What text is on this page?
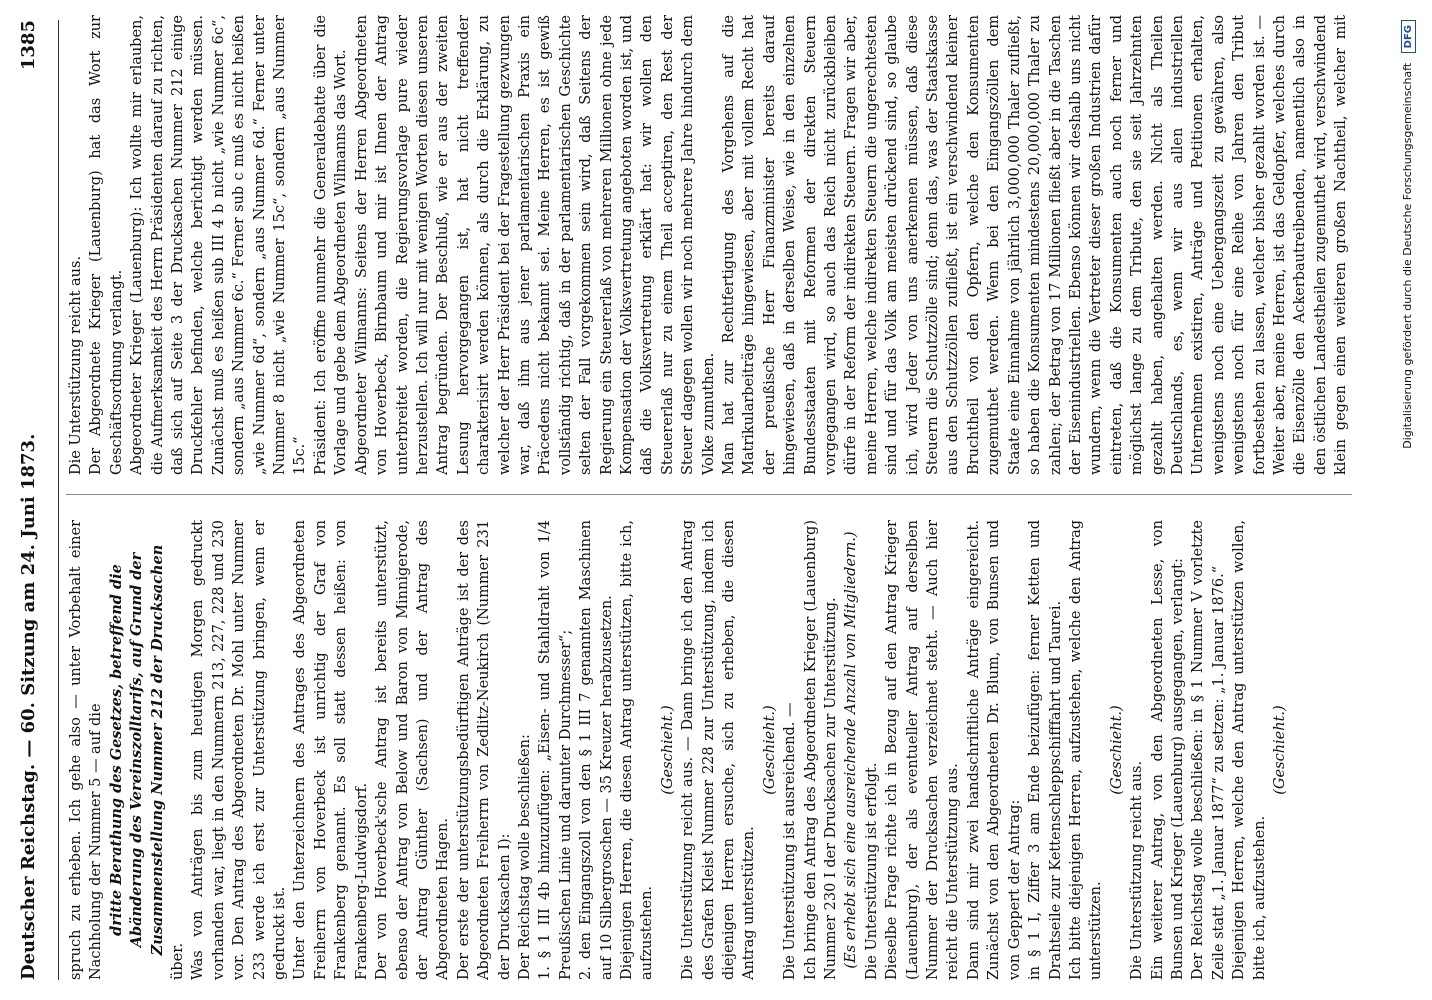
Deutscher Reichstag. — 60. Sitzung am 24. Juni 1873.
1385

spruch zu erheben. Ich gehe also — unter Vorbehalt einer Nachholung der Nummer 5 — auf die dritte Berathung des Gesetzes, betreffend die Abänderung des Vereinszolltarifs, auf Grund der Zusammenstellung Nummer 212 der Drucksachen

über. Was von Anträgen bis zum heutigen Morgen gedruckt vorhanden war, liegt in den Nummern 213, 227, 228 und 230 vor. Den Antrag des Abgeordneten Dr. Mohl unter Nummer 233 werde ich erst zur Unterstützung bringen, wenn er gedruckt ist. Unter den Unterzeichnern des Antrages des Abgeordneten Freiherrn von Hoverbeck ist unrichtig der Graf von Frankenberg genannt. Es soll statt dessen heißen: von Frankenberg-Ludwigsdorf. Der von Hoverbeck'sche Antrag ist bereits unterstützt, ebenso der Antrag von Below und Baron von Minnigerode, der Antrag Günther (Sachsen) und der Antrag des Abgeordneten Hagen. Der erste der unterstützungsbedürftigen Anträge ist der des Abgeordneten Freiherrn von Zedlitz-Neukirch (Nummer 231 der Drucksachen I): Der Reichstag wolle beschließen: 1. § 1 III 4b hinzuzufügen: „Eisen- und Stahldraht von 1/4 Preußischen Linie und darunter Durchmesser“; 2. den Eingangszoll von den § 1 III 7 genannten Maschinen auf 10 Silbergroschen — 35 Kreuzer herabzusetzen. Diejenigen Herren, die diesen Antrag unterstützen, bitte ich, aufzustehen.

(Geschieht.) Die Unterstützung reicht aus. — Dann bringe ich den Antrag des Grafen Kleist Nummer 228 zur Unterstützung, indem ich diejenigen Herren ersuche, sich zu erheben, die diesen Antrag unterstützen.

(Geschieht.) Die Unterstützung ist ausreichend. — Ich bringe den Antrag des Abgeordneten Krieger (Lauenburg) Nummer 230 I der Drucksachen zur Unterstützung. (Es erhebt sich eine ausreichende Anzahl von Mitgliedern.) Die Unterstützung ist erfolgt. Dieselbe Frage richte ich in Bezug auf den Antrag Krieger (Lauenburg), der als eventueller Antrag auf derselben Nummer der Drucksachen verzeichnet steht. — Auch hier reicht die Unterstützung aus. Dann sind mir zwei handschriftliche Anträge eingereicht. Zunächst von den Abgeordneten Dr. Blum, von Bunsen und von Geppert der Antrag: in § 1 I, Ziffer 3 am Ende beizufügen: ferner Ketten und Drahtseile zur Kettenschleppschifffahrt und Taurei. Ich bitte diejenigen Herren, aufzustehen, welche den Antrag unterstützen.

(Geschieht.)

Die Unterstützung reicht aus. Ein weiterer Antrag, von den Abgeordneten Lesse, von Bunsen und Krieger (Lauenburg) ausgegangen, verlangt: Der Reichstag wolle beschließen: in § 1 Nummer V vorletzte Zeile statt „1. Januar 1877“ zu setzen: „1. Januar 1876.“ Diejenigen Herren, welche den Antrag unterstützen wollen, bitte ich, aufzustehen.

(Geschieht.)

Die Unterstützung reicht aus. Der Abgeordnete Krieger (Lauenburg) hat das Wort zur Geschäftsordnung verlangt. Abgeordneter Krieger (Lauenburg): Ich wollte mir erlauben, die Aufmerksamkeit des Herrn Präsidenten darauf zu richten, daß sich auf Seite 3 der Drucksachen Nummer 212 einige Druckfehler befinden, welche berichtigt werden müssen. Zunächst muß es heißen sub III 4 b nicht „wie Nummer 6c“, sondern „aus Nummer 6c.“ Ferner sub c muß es nicht heißen „wie Nummer 6d“, sondern „aus Nummer 6d.“ Ferner unter Nummer 8 nicht „wie Nummer 15c“, sondern „aus Nummer 15c.“ Präsident: Ich eröffne nunmehr die Generaldebatte über die Vorlage und gebe dem Abgeordneten Wilmanns das Wort. Abgeordneter Wilmanns: Seitens der Herren Abgeordneten von Hoverbeck, Birnbaum und mir ist Ihnen der Antrag unterbreitet worden, die Regierungsvorlage pure wieder herzustellen. Ich will nur mit wenigen Worten diesen unseren Antrag begründen. Der Beschluß, wie er aus der zweiten Lesung hervorgegangen ist, hat nicht treffender charakterisirt werden können, als durch die Erklärung, zu welcher der Herr Präsident bei der Fragestellung gezwungen war, daß ihm aus jener parlamentarischen Praxis ein Präcedens nicht bekannt sei. Meine Herren, es ist gewiß vollständig richtig, daß in der parlamentarischen Geschichte selten der Fall vorgekommen sein wird, daß Seitens der Regierung ein Steuererlaß von mehreren Millionen ohne jede Kompensation der Volksvertretung angeboten worden ist, und daß die Volksvertretung erklärt hat: wir wollen den Steuererlaß nur zu einem Theil acceptiren, den Rest der Steuer dagegen wollen wir noch mehrere Jahre hindurch dem Volke zumuthen. Man hat zur Rechtfertigung des Vorgehens auf die Matrikularbeiträge hingewiesen, aber mit vollem Recht hat der preußische Herr Finanzminister bereits darauf hingewiesen, daß in derselben Weise, wie in den einzelnen Bundesstaaten mit Reformen der direkten Steuern vorgegangen wird, so auch das Reich nicht zurückbleiben dürfe in der Reform der indirekten Steuern. Fragen wir aber, meine Herren, welche indirekten Steuern die ungerechtesten sind und für das Volk am meisten drückend sind, so glaube ich, wird Jeder von uns anerkennen müssen, daß diese Steuern die Schutzzölle sind; denn das, was der Staatskasse aus den Schutzzöllen zufließt, ist ein verschwindend kleiner Bruchtheil von den Opfern, welche den Konsumenten zugemuthet werden. Wenn bei den Eingangszöllen dem Staate eine Einnahme von jährlich 3,000,000 Thaler zufließt, so haben die Konsumenten mindestens 20,000,000 Thaler zu zahlen; der Betrag von 17 Millionen fließt aber in die Taschen der Eisenindustriellen. Ebenso können wir deshalb uns nicht wundern, wenn die Vertreter dieser großen Industrien dafür eintreten, daß die Konsumenten auch noch ferner und möglichst lange zu dem Tribute, den sie seit Jahrzehnten gezahlt haben, angehalten werden. Nicht als Theilen Deutschlands, es, wenn wir aus allen industriellen Unternehmen existiren, Anträge und Petitionen erhalten, wenigstens noch eine Uebergangszeit zu gewähren, also wenigstens noch für eine Reihe von Jahren den Tribut fortbestehen zu lassen, welcher bisher gezahlt worden ist. — Weiter aber, meine Herren, ist das Geldopfer, welches durch die Eisenzölle den Ackerbautreibenden, namentlich also in den östlichen Landestheilen zugemuthet wird, verschwindend klein gegen einen weiteren großen Nachtheil, welcher mit

Digitalisierung gefördert durch die Deutsche Forschungsgemeinschaft DFG
